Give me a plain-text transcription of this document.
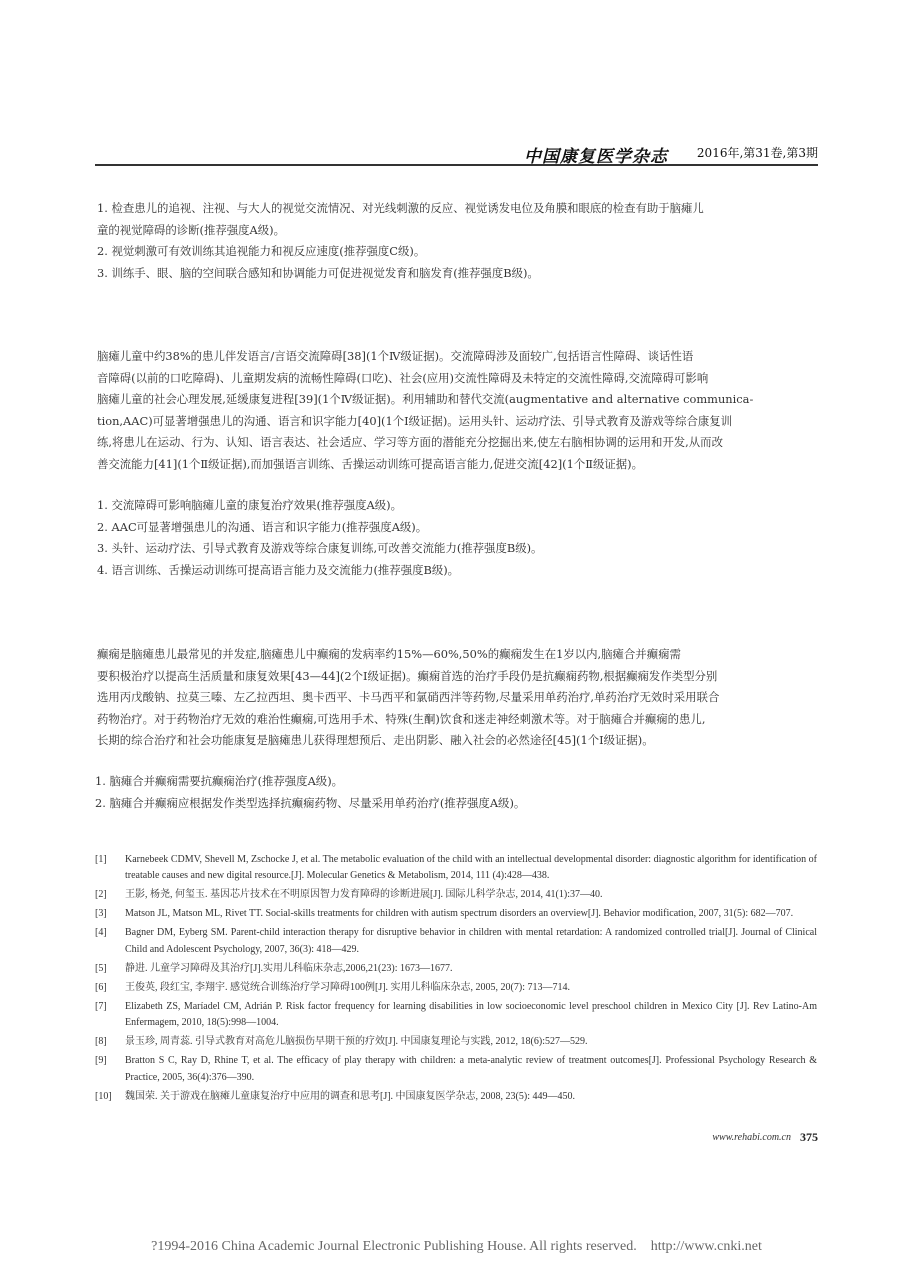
中国康复医学杂志 2016年,第31卷,第3期
1. 检查患儿的追视、注视、与大人的视觉交流情况、对光线刺激的反应、视觉诱发电位及角膜和眼底的检查有助于脑瘫儿
童的视觉障碍的诊断(推荐强度A级)。
2. 视觉刺激可有效训练其追视能力和视反应速度(推荐强度C级)。
3. 训练手、眼、脑的空间联合感知和协调能力可促进视觉发育和脑发育(推荐强度B级)。
脑瘫儿童中约38%的患儿伴发语言/言语交流障碍[38](1个Ⅳ级证据)。交流障碍涉及面较广,包括语言性障碍、谈话性语
音障碍(以前的口吃障碍)、儿童期发病的流畅性障碍(口吃)、社会(应用)交流性障碍及未特定的交流性障碍,交流障碍可影响
脑瘫儿童的社会心理发展,延缓康复进程[39](1个Ⅳ级证据)。利用辅助和替代交流(augmentative and alternative communica-
tion,AAC)可显著增强患儿的沟通、语言和识字能力[40](1个Ⅰ级证据)。运用头针、运动疗法、引导式教育及游戏等综合康复训
练,将患儿在运动、行为、认知、语言表达、社会适应、学习等方面的潜能充分挖掘出来,使左右脑相协调的运用和开发,从而改
善交流能力[41](1个Ⅱ级证据),而加强语言训练、舌操运动训练可提高语言能力,促进交流[42](1个Ⅱ级证据)。
1. 交流障碍可影响脑瘫儿童的康复治疗效果(推荐强度A级)。
2. AAC可显著增强患儿的沟通、语言和识字能力(推荐强度A级)。
3. 头针、运动疗法、引导式教育及游戏等综合康复训练,可改善交流能力(推荐强度B级)。
4. 语言训练、舌操运动训练可提高语言能力及交流能力(推荐强度B级)。
癫痫是脑瘫患儿最常见的并发症,脑瘫患儿中癫痫的发病率约15%—60%,50%的癫痫发生在1岁以内,脑瘫合并癫痫需
要积极治疗以提高生活质量和康复效果[43—44](2个Ⅰ级证据)。癫痫首选的治疗手段仍是抗癫痫药物,根据癫痫发作类型分别
选用丙戊酸钠、拉莫三嗪、左乙拉西坦、奥卡西平、卡马西平和氯硝西泮等药物,尽量采用单药治疗,单药治疗无效时采用联合
药物治疗。对于药物治疗无效的难治性癫痫,可选用手术、特殊(生酮)饮食和迷走神经刺激术等。对于脑瘫合并癫痫的患儿,
长期的综合治疗和社会功能康复是脑瘫患儿获得理想预后、走出阴影、融入社会的必然途径[45](1个Ⅰ级证据)。
1. 脑瘫合并癫痫需要抗癫痫治疗(推荐强度A级)。
2. 脑瘫合并癫痫应根据发作类型选择抗癫痫药物、尽量采用单药治疗(推荐强度A级)。
[1] Karnebeek CDMV, Shevell M, Zschocke J, et al. The metabolic evaluation of the child with an intellectual developmental disorder: diagnostic algorithm for identification of treatable causes and new digital resource.[J]. Molecular Genetics & Metabolism, 2014, 111 (4):428—438.
[2] 王影, 杨尧, 何玺玉. 基因芯片技术在不明原因智力发育障碍的诊断进展[J]. 国际儿科学杂志, 2014, 41(1):37—40.
[3] Matson JL, Matson ML, Rivet TT. Social-skills treatments for children with autism spectrum disorders an overview[J]. Behavior modification, 2007, 31(5): 682—707.
[4] Bagner DM, Eyberg SM. Parent-child interaction therapy for disruptive behavior in children with mental retardation: A randomized controlled trial[J]. Journal of Clinical Child and Adolescent Psychology, 2007, 36(3): 418—429.
[5] 静进. 儿童学习障碍及其治疗[J].实用儿科临床杂志,2006,21(23): 1673—1677.
[6] 王俊英, 段红宝, 李翔宇. 感觉统合训练治疗学习障碍100例[J]. 实用儿科临床杂志, 2005, 20(7): 713—714.
[7] Elizabeth ZS, Maríadel CM, Adrián P. Risk factor frequency for learning disabilities in low socioeconomic level preschool children in Mexico City [J]. Rev Latino-Am Enfermagem, 2010, 18(5):998—1004.
[8] 景玉珍, 周青蕊. 引导式教育对高危儿脑损伤早期干预的疗效[J]. 中国康复理论与实践, 2012, 18(6):527—529.
[9] Bratton S C, Ray D, Rhine T, et al. The efficacy of play therapy with children: a meta-analytic review of treatment outcomes[J]. Professional Psychology Research & Practice, 2005, 36(4):376—390.
[10] 魏国荣. 关于游戏在脑瘫儿童康复治疗中应用的调查和思考[J]. 中国康复医学杂志, 2008, 23(5): 449—450.
www.rehabi.com.cn 375
?1994-2016 China Academic Journal Electronic Publishing House. All rights reserved.    http://www.cnki.net
